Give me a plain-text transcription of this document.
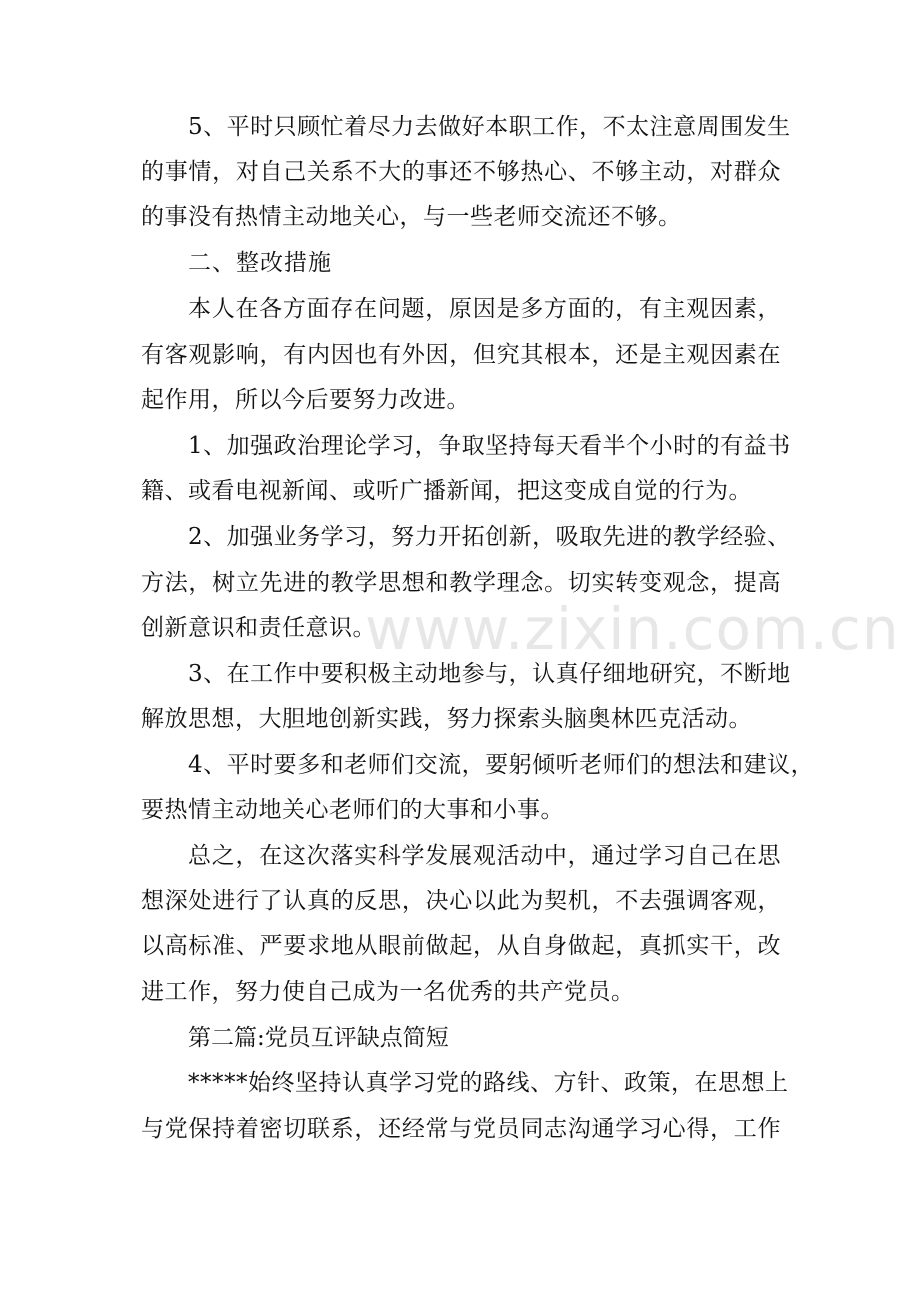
5、平时只顾忙着尽力去做好本职工作，不太注意周围发生
的事情，对自己关系不大的事还不够热心、不够主动，对群众
的事没有热情主动地关心，与一些老师交流还不够。
二、整改措施
本人在各方面存在问题，原因是多方面的，有主观因素，
有客观影响，有内因也有外因，但究其根本，还是主观因素在
起作用，所以今后要努力改进。
1、加强政治理论学习，争取坚持每天看半个小时的有益书
籍、或看电视新闻、或听广播新闻，把这变成自觉的行为。
2、加强业务学习，努力开拓创新，吸取先进的教学经验、
方法，树立先进的教学思想和教学理念。切实转变观念，提高
创新意识和责任意识。
3、在工作中要积极主动地参与，认真仔细地研究，不断地
解放思想，大胆地创新实践，努力探索头脑奥林匹克活动。
4、平时要多和老师们交流，要躬倾听老师们的想法和建议，
要热情主动地关心老师们的大事和小事。
总之，在这次落实科学发展观活动中，通过学习自己在思
想深处进行了认真的反思，决心以此为契机，不去强调客观，
以高标准、严要求地从眼前做起，从自身做起，真抓实干，改
进工作，努力使自己成为一名优秀的共产党员。
第二篇:党员互评缺点简短
*****始终坚持认真学习党的路线、方针、政策，在思想上
与党保持着密切联系，还经常与党员同志沟通学习心得，工作
www.zixin.com.cn
